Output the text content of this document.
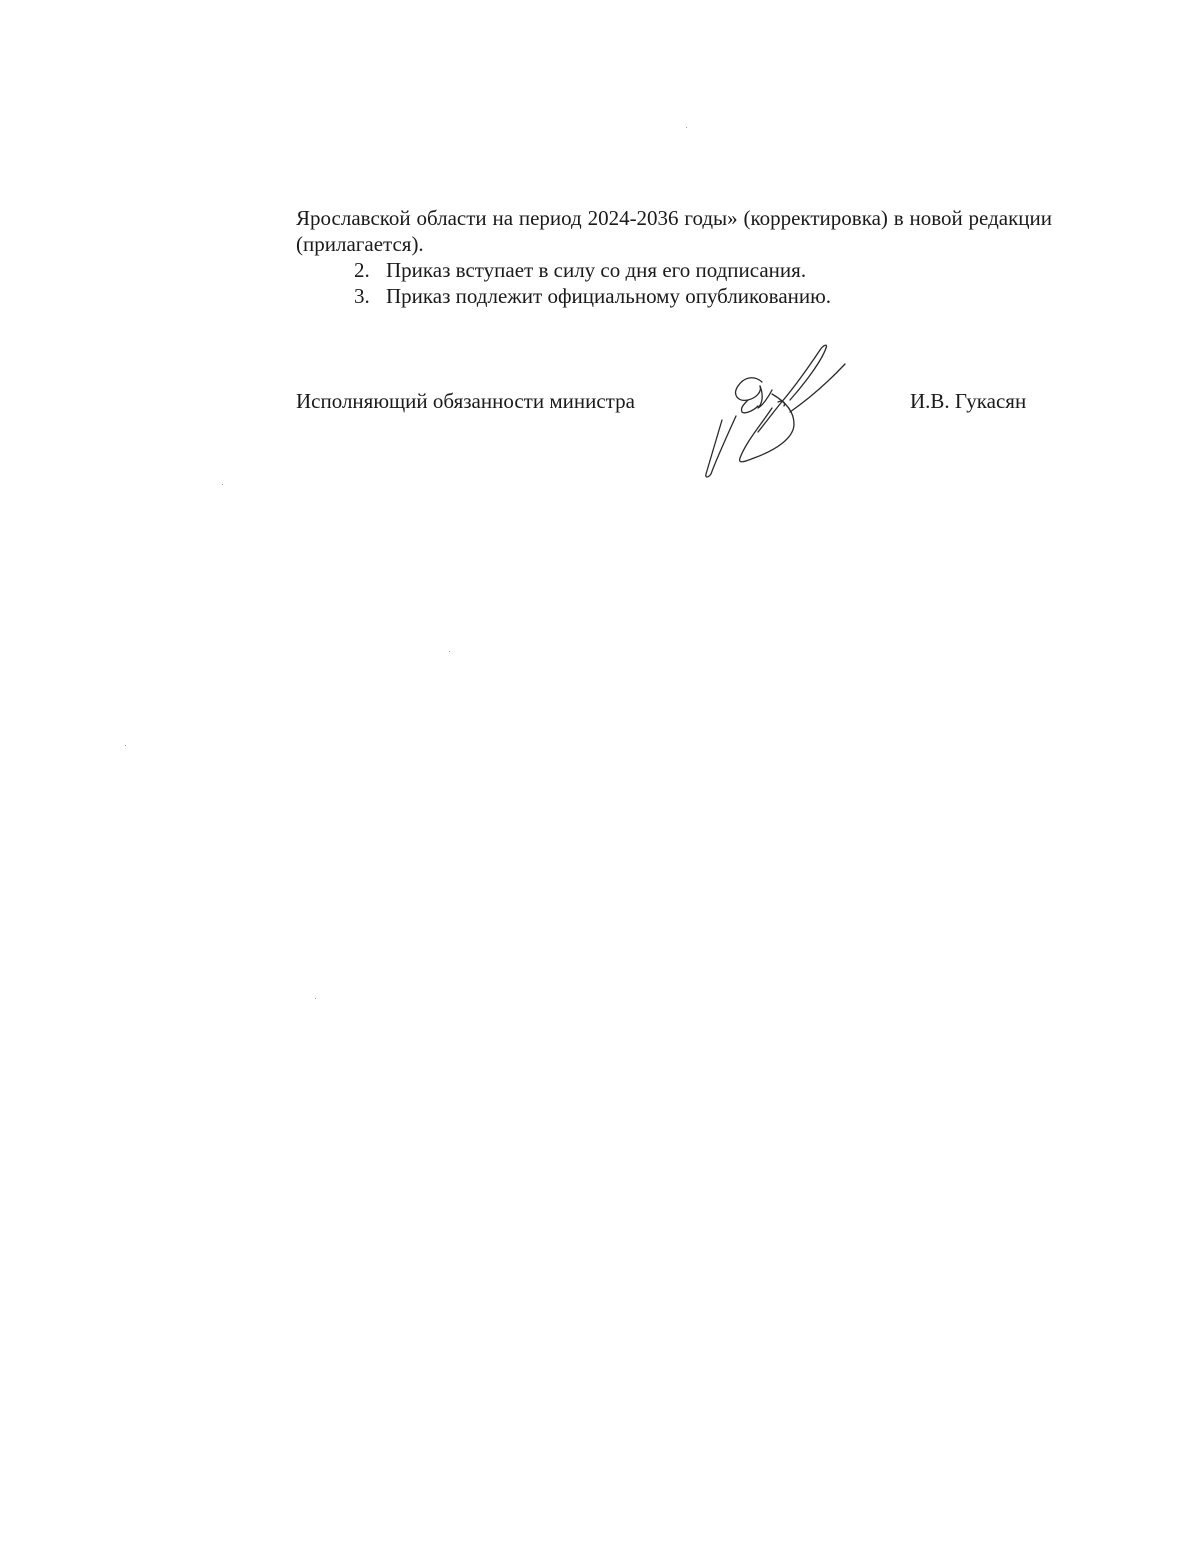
Ярославской области на период 2024-2036 годы» (корректировка) в новой редакции (прилагается).

2. Приказ вступает в силу со дня его подписания.

3. Приказ подлежит официальному опубликованию.

Исполняющий обязанности министра	И.В. Гукасян
